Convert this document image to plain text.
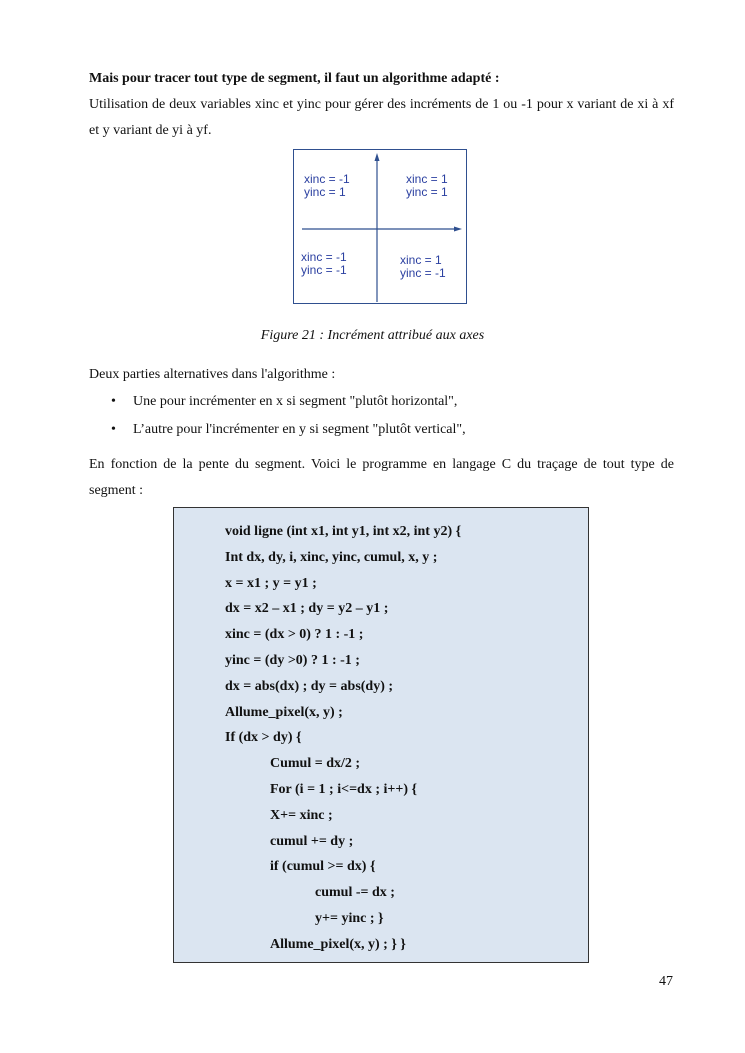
Mais pour tracer tout type de segment, il faut un algorithme adapté :
Utilisation de deux variables xinc et yinc pour gérer des incréments de 1 ou -1 pour x variant de xi à xf et y variant de yi à yf.
xinc = -1
yinc = 1
xinc = 1
yinc = 1
xinc = -1
yinc = -1
xinc = 1
yinc = -1
Figure 21 : Incrément attribué aux axes
Deux parties alternatives dans l'algorithme :
• Une pour incrémenter en x si segment "plutôt horizontal",
• L’autre pour l'incrémenter en y si segment "plutôt vertical",
En fonction de la pente du segment. Voici le programme en langage C du traçage de tout type de segment :
void ligne (int x1, int y1, int x2, int y2) {
Int dx, dy, i, xinc, yinc, cumul, x, y ;
x = x1 ; y = y1 ;
dx = x2 – x1 ; dy = y2 – y1 ;
xinc = (dx > 0) ? 1 : -1 ;
yinc = (dy >0) ? 1 : -1 ;
dx = abs(dx) ; dy = abs(dy) ;
Allume_pixel(x, y) ;
If (dx > dy) {
Cumul = dx/2 ;
For (i = 1 ; i<=dx ; i++) {
X+= xinc ;
cumul += dy ;
if (cumul >= dx) {
cumul -= dx ;
y+= yinc ; }
Allume_pixel(x, y) ; } }
47
